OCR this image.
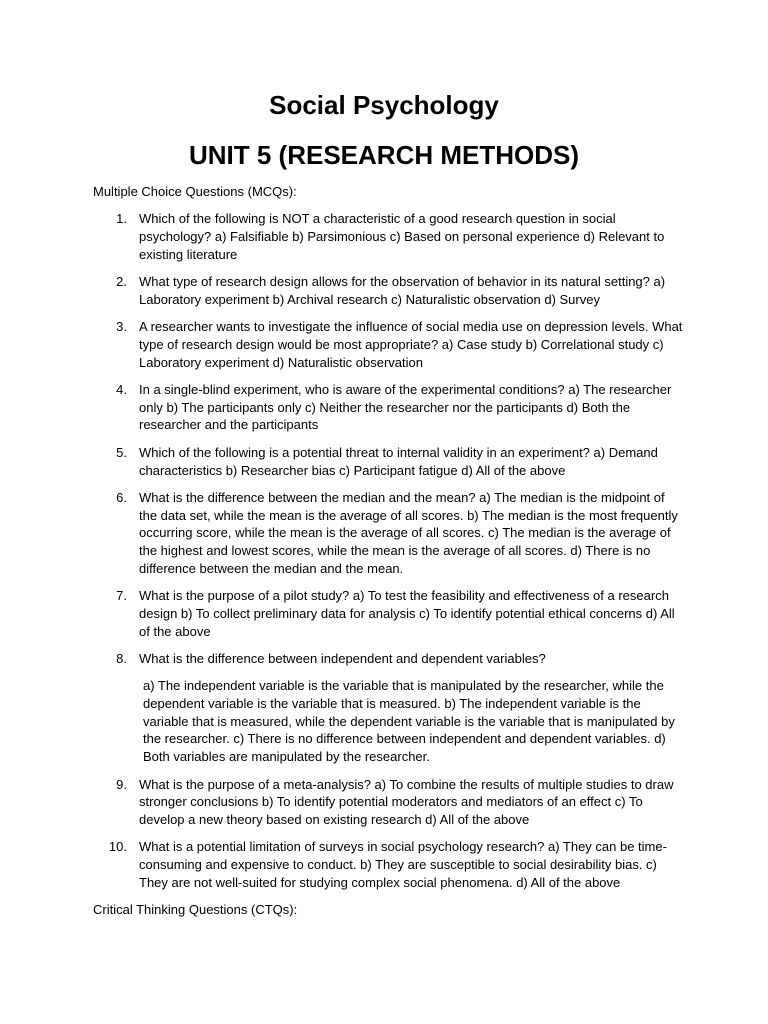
Social Psychology
UNIT 5 (RESEARCH METHODS)

Multiple Choice Questions (MCQs):

1. Which of the following is NOT a characteristic of a good research question in social psychology? a) Falsifiable b) Parsimonious c) Based on personal experience d) Relevant to existing literature
2. What type of research design allows for the observation of behavior in its natural setting? a) Laboratory experiment b) Archival research c) Naturalistic observation d) Survey
3. A researcher wants to investigate the influence of social media use on depression levels. What type of research design would be most appropriate? a) Case study b) Correlational study c) Laboratory experiment d) Naturalistic observation
4. In a single-blind experiment, who is aware of the experimental conditions? a) The researcher only b) The participants only c) Neither the researcher nor the participants d) Both the researcher and the participants
5. Which of the following is a potential threat to internal validity in an experiment? a) Demand characteristics b) Researcher bias c) Participant fatigue d) All of the above
6. What is the difference between the median and the mean? a) The median is the midpoint of the data set, while the mean is the average of all scores. b) The median is the most frequently occurring score, while the mean is the average of all scores. c) The median is the average of the highest and lowest scores, while the mean is the average of all scores. d) There is no difference between the median and the mean.
7. What is the purpose of a pilot study? a) To test the feasibility and effectiveness of a research design b) To collect preliminary data for analysis c) To identify potential ethical concerns d) All of the above
8. What is the difference between independent and dependent variables?
a) The independent variable is the variable that is manipulated by the researcher, while the dependent variable is the variable that is measured. b) The independent variable is the variable that is measured, while the dependent variable is the variable that is manipulated by the researcher. c) There is no difference between independent and dependent variables. d) Both variables are manipulated by the researcher.
9. What is the purpose of a meta-analysis? a) To combine the results of multiple studies to draw stronger conclusions b) To identify potential moderators and mediators of an effect c) To develop a new theory based on existing research d) All of the above
10. What is a potential limitation of surveys in social psychology research? a) They can be time-consuming and expensive to conduct. b) They are susceptible to social desirability bias. c) They are not well-suited for studying complex social phenomena. d) All of the above

Critical Thinking Questions (CTQs):
